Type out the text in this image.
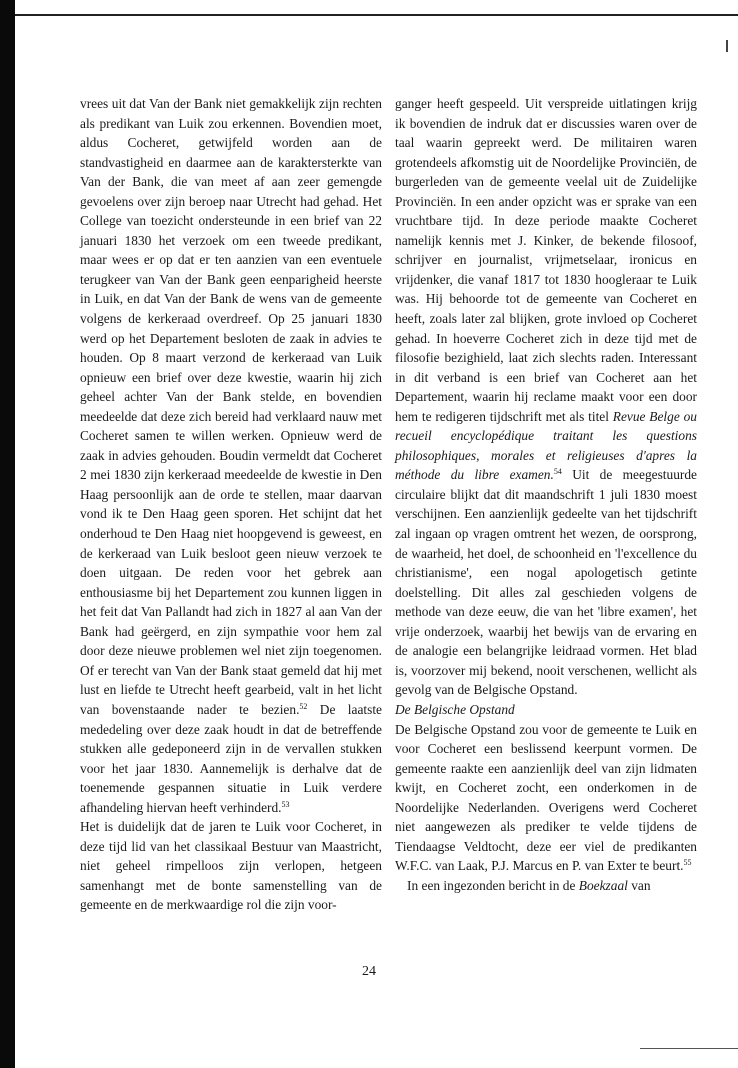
vrees uit dat Van der Bank niet gemakkelijk zijn rechten als predikant van Luik zou erkennen. Bovendien moet, aldus Cocheret, getwijfeld worden aan de standvastigheid en daarmee aan de karaktersterkte van Van der Bank, die van meet af aan zeer gemengde gevoelens over zijn beroep naar Utrecht had gehad. Het College van toezicht ondersteunde in een brief van 22 januari 1830 het verzoek om een tweede predikant, maar wees er op dat er ten aanzien van een eventuele terugkeer van Van der Bank geen eenparigheid heerste in Luik, en dat Van der Bank de wens van de gemeente volgens de kerkeraad overdreef. Op 25 januari 1830 werd op het Departement besloten de zaak in advies te houden. Op 8 maart verzond de kerkeraad van Luik opnieuw een brief over deze kwestie, waarin hij zich geheel achter Van der Bank stelde, en bovendien meedeelde dat deze zich bereid had verklaard nauw met Cocheret samen te willen werken. Opnieuw werd de zaak in advies gehouden. Boudin vermeldt dat Cocheret 2 mei 1830 zijn kerkeraad meedeelde de kwestie in Den Haag persoonlijk aan de orde te stellen, maar daarvan vond ik te Den Haag geen sporen. Het schijnt dat het onderhoud te Den Haag niet hoopgevend is geweest, en de kerkeraad van Luik besloot geen nieuw verzoek te doen uitgaan. De reden voor het gebrek aan enthousiasme bij het Departement zou kunnen liggen in het feit dat Van Pallandt had zich in 1827 al aan Van der Bank had geërgerd, en zijn sympathie voor hem zal door deze nieuwe problemen wel niet zijn toegenomen. Of er terecht van Van der Bank staat gemeld dat hij met lust en liefde te Utrecht heeft gearbeid, valt in het licht van bovenstaande nader te bezien.$^{52}$ De laatste mededeling over deze zaak houdt in dat de betreffende stukken alle gedeponeerd zijn in de vervallen stukken voor het jaar 1830. Aannemelijk is derhalve dat de toenemende gespannen situatie in Luik verdere afhandeling hiervan heeft verhinderd.$^{53}$

Het is duidelijk dat de jaren te Luik voor Cocheret, in deze tijd lid van het classikaal Bestuur van Maastricht, niet geheel rimpelloos zijn verlopen, hetgeen samenhangt met de bonte samenstelling van de gemeente en de merkwaardige rol die zijn voor-

ganger heeft gespeeld. Uit verspreide uitlatingen krijg ik bovendien de indruk dat er discussies waren over de taal waarin gepreekt werd. De militairen waren grotendeels afkomstig uit de Noordelijke Provinciën, de burgerleden van de gemeente veelal uit de Zuidelijke Provinciën. In een ander opzicht was er sprake van een vruchtbare tijd. In deze periode maakte Cocheret namelijk kennis met J. Kinker, de bekende filosoof, schrijver en journalist, vrijmetselaar, ironicus en vrijdenker, die vanaf 1817 tot 1830 hoogleraar te Luik was. Hij behoorde tot de gemeente van Cocheret en heeft, zoals later zal blijken, grote invloed op Cocheret gehad. In hoeverre Cocheret zich in deze tijd met de filosofie bezighield, laat zich slechts raden. Interessant in dit verband is een brief van Cocheret aan het Departement, waarin hij reclame maakt voor een door hem te redigeren tijdschrift met als titel Revue Belge ou recueil encyclopédique traitant les questions philosophiques, morales et religieuses d'apres la méthode du libre examen.$^{54}$ Uit de meegestuurde circulaire blijkt dat dit maandschrift 1 juli 1830 moest verschijnen. Een aanzienlijk gedeelte van het tijdschrift zal ingaan op vragen omtrent het wezen, de oorsprong, de waarheid, het doel, de schoonheid en 'l'excellence du christianisme', een nogal apologetisch getinte doelstelling. Dit alles zal geschieden volgens de methode van deze eeuw, die van het 'libre examen', het vrije onderzoek, waarbij het bewijs van de ervaring en de analogie een belangrijke leidraad vormen. Het blad is, voorzover mij bekend, nooit verschenen, wellicht als gevolg van de Belgische Opstand.

De Belgische Opstand

De Belgische Opstand zou voor de gemeente te Luik en voor Cocheret een beslissend keerpunt vormen. De gemeente raakte een aanzienlijk deel van zijn lidmaten kwijt, en Cocheret zocht, een onderkomen in de Noordelijke Nederlanden. Overigens werd Cocheret niet aangewezen als prediker te velde tijdens de Tiendaagse Veldtocht, deze eer viel de predikanten W.F.C. van Laak, P.J. Marcus en P. van Exter te beurt.$^{55}$

In een ingezonden bericht in de Boekzaal van

24
